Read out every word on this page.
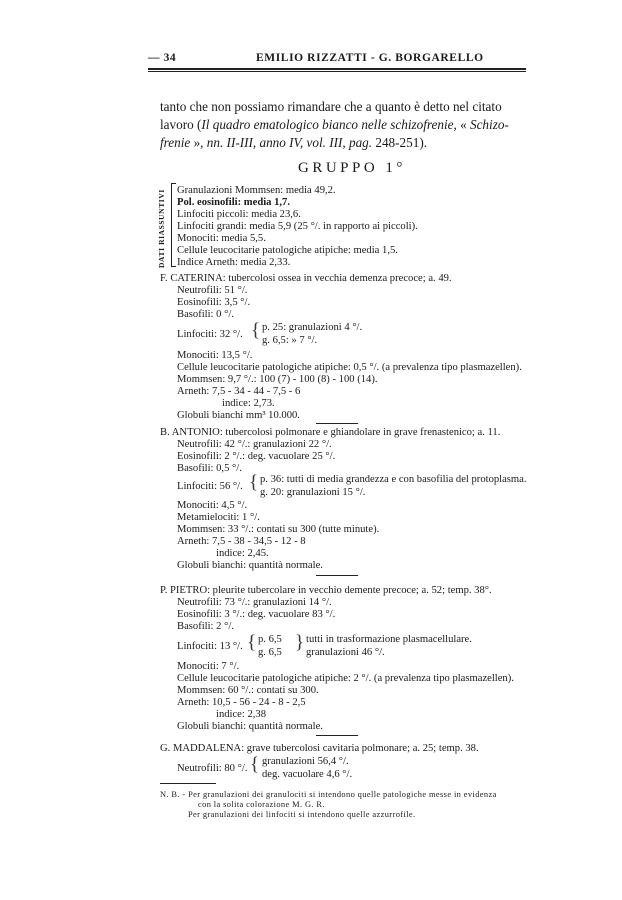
— 34	EMILIO RIZZATTI - G. BORGARELLO
tanto che non possiamo rimandare che a quanto è detto nel citato
lavoro (Il quadro ematologico bianco nelle schizofrenie, « Schizo-
frenie », nn. II-III, anno IV, vol. III, pag. 248-251).
GRUPPO 1°
DATI RIASSUNTIVI Granulazioni Mommsen: media 49,2.
Pol. eosinofili: media 1,7.
Linfociti piccoli: media 23,6.
Linfociti grandi: media 5,9 (25 °/. in rapporto ai piccoli).
Monociti: media 5,5.
Cellule leucocitarie patologiche atipiche: media 1,5.
Indice Arneth: media 2,33.
F. CATERINA: tubercolosi ossea in vecchia demenza precoce; a. 49.
Neutrofili: 51 °/.
Eosinofili: 3,5 °/.
Basofili: 0 °/.
Linfociti: 32 °/. { p. 25: granulazioni 4 °/.
g. 6,5: » 7 °/.
Monociti: 13,5 °/.
Cellule leucocitarie patologiche atipiche: 0,5 °/. (a prevalenza tipo plasmazellen).
Mommsen: 9,7 °/.: 100 (7) - 100 (8) - 100 (14).
Arneth: 7,5 - 34 - 44 - 7,5 - 6
indice: 2,73.
Globuli bianchi mm³ 10.000.
B. ANTONIO: tubercolosi polmonare e ghiandolare in grave frenastenico; a. 11.
Neutrofili: 42 °/.: granulazioni 22 °/.
Eosinofili: 2 °/.: deg. vacuolare 25 °/.
Basofili: 0,5 °/.
Linfociti: 56 °/. { p. 36: tutti di media grandezza e con basofilia del protoplasma.
g. 20: granulazioni 15 °/.
Monociti: 4,5 °/.
Metamielociti: 1 °/.
Mommsen: 33 °/.: contati su 300 (tutte minute).
Arneth: 7,5 - 38 - 34,5 - 12 - 8
indice: 2,45.
Globuli bianchi: quantità normale.
P. PIETRO: pleurite tubercolare in vecchio demente precoce; a. 52; temp. 38°.
Neutrofili: 73 °/.: granulazioni 14 °/.
Eosinofili: 3 °/.: deg. vacuolare 83 °/.
Basofili: 2 °/.
Linfociti: 13 °/. { p. 6,5
g. 6,5 } tutti in trasformazione plasmacellulare.
granulazioni 46 °/.
Monociti: 7 °/.
Cellule leucocitarie patologiche atipiche: 2 °/. (a prevalenza tipo plasmazellen).
Mommsen: 60 °/.: contati su 300.
Arneth: 10,5 - 56 - 24 - 8 - 2,5
indice: 2,38
Globuli bianchi: quantità normale.
G. MADDALENA: grave tubercolosi cavitaria polmonare; a. 25; temp. 38.
Neutrofili: 80 °/. { granulazioni 56,4 °/.
deg. vacuolare 4,6 °/.
N. B. - Per granulazioni dei granulociti si intendono quelle patologiche messe in evidenza
con la solita colorazione M. G. R.
Per granulazioni dei linfociti si intendono quelle azzurrofile.
